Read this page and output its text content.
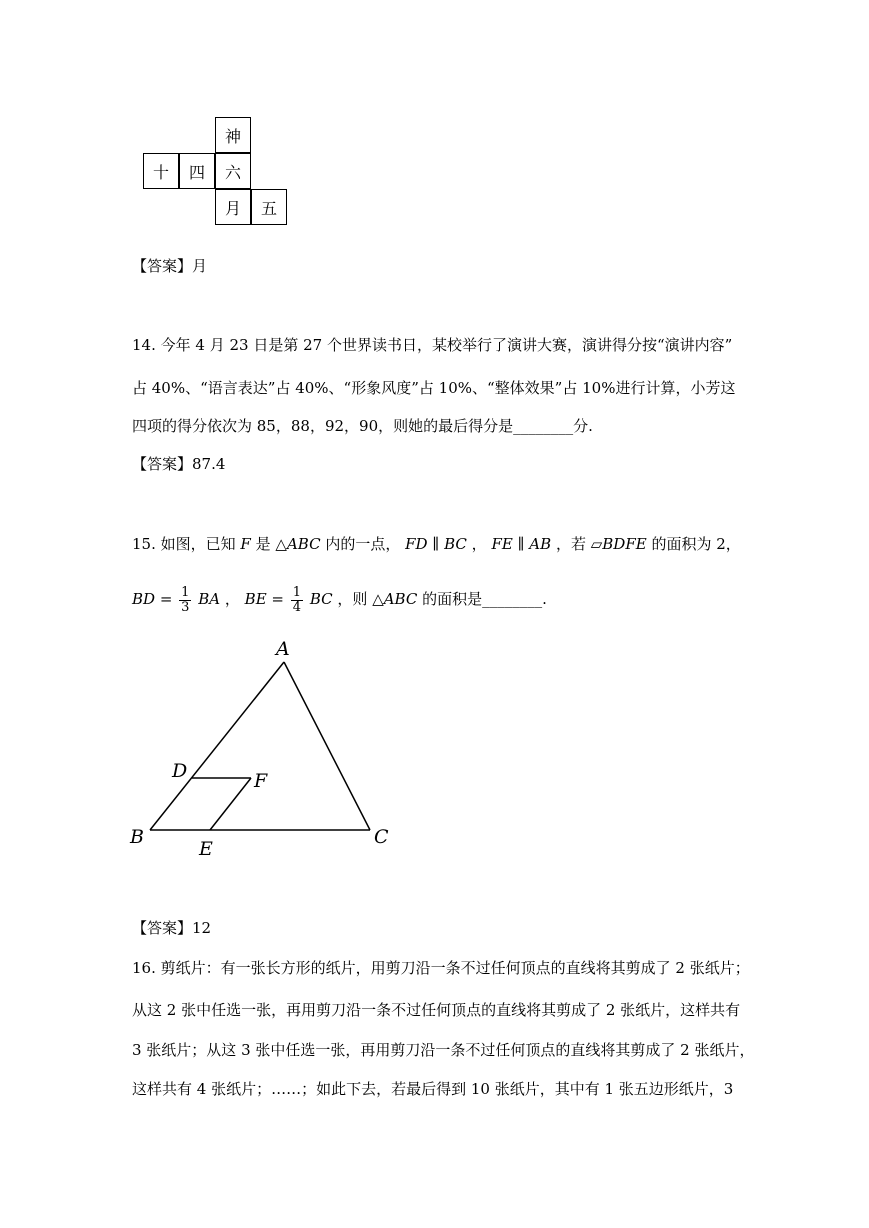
神
十	四	六
月	五
【答案】月
14. 今年 4 月 23 日是第 27 个世界读书日，某校举行了演讲大赛，演讲得分按“演讲内容”
占 40%、“语言表达”占 40%、“形象风度”占 10%、“整体效果”占 10%进行计算，小芳这
四项的得分依次为 85，88，92，90，则她的最后得分是________分.
【答案】87.4
15. 如图，已知 F 是 △ABC 内的一点， FD ∥ BC ， FE ∥ AB ，若 ▱BDFE 的面积为 2，
BD = $\frac{1}{3}$ BA ， BE = $\frac{1}{4}$ BC ，则 △ABC 的面积是________.
A
B	C
D
E
F
【答案】12
16. 剪纸片：有一张长方形的纸片，用剪刀沿一条不过任何顶点的直线将其剪成了 2 张纸片；
从这 2 张中任选一张，再用剪刀沿一条不过任何顶点的直线将其剪成了 2 张纸片，这样共有
3 张纸片；从这 3 张中任选一张，再用剪刀沿一条不过任何顶点的直线将其剪成了 2 张纸片，
这样共有 4 张纸片；……；如此下去，若最后得到 10 张纸片，其中有 1 张五边形纸片，3
